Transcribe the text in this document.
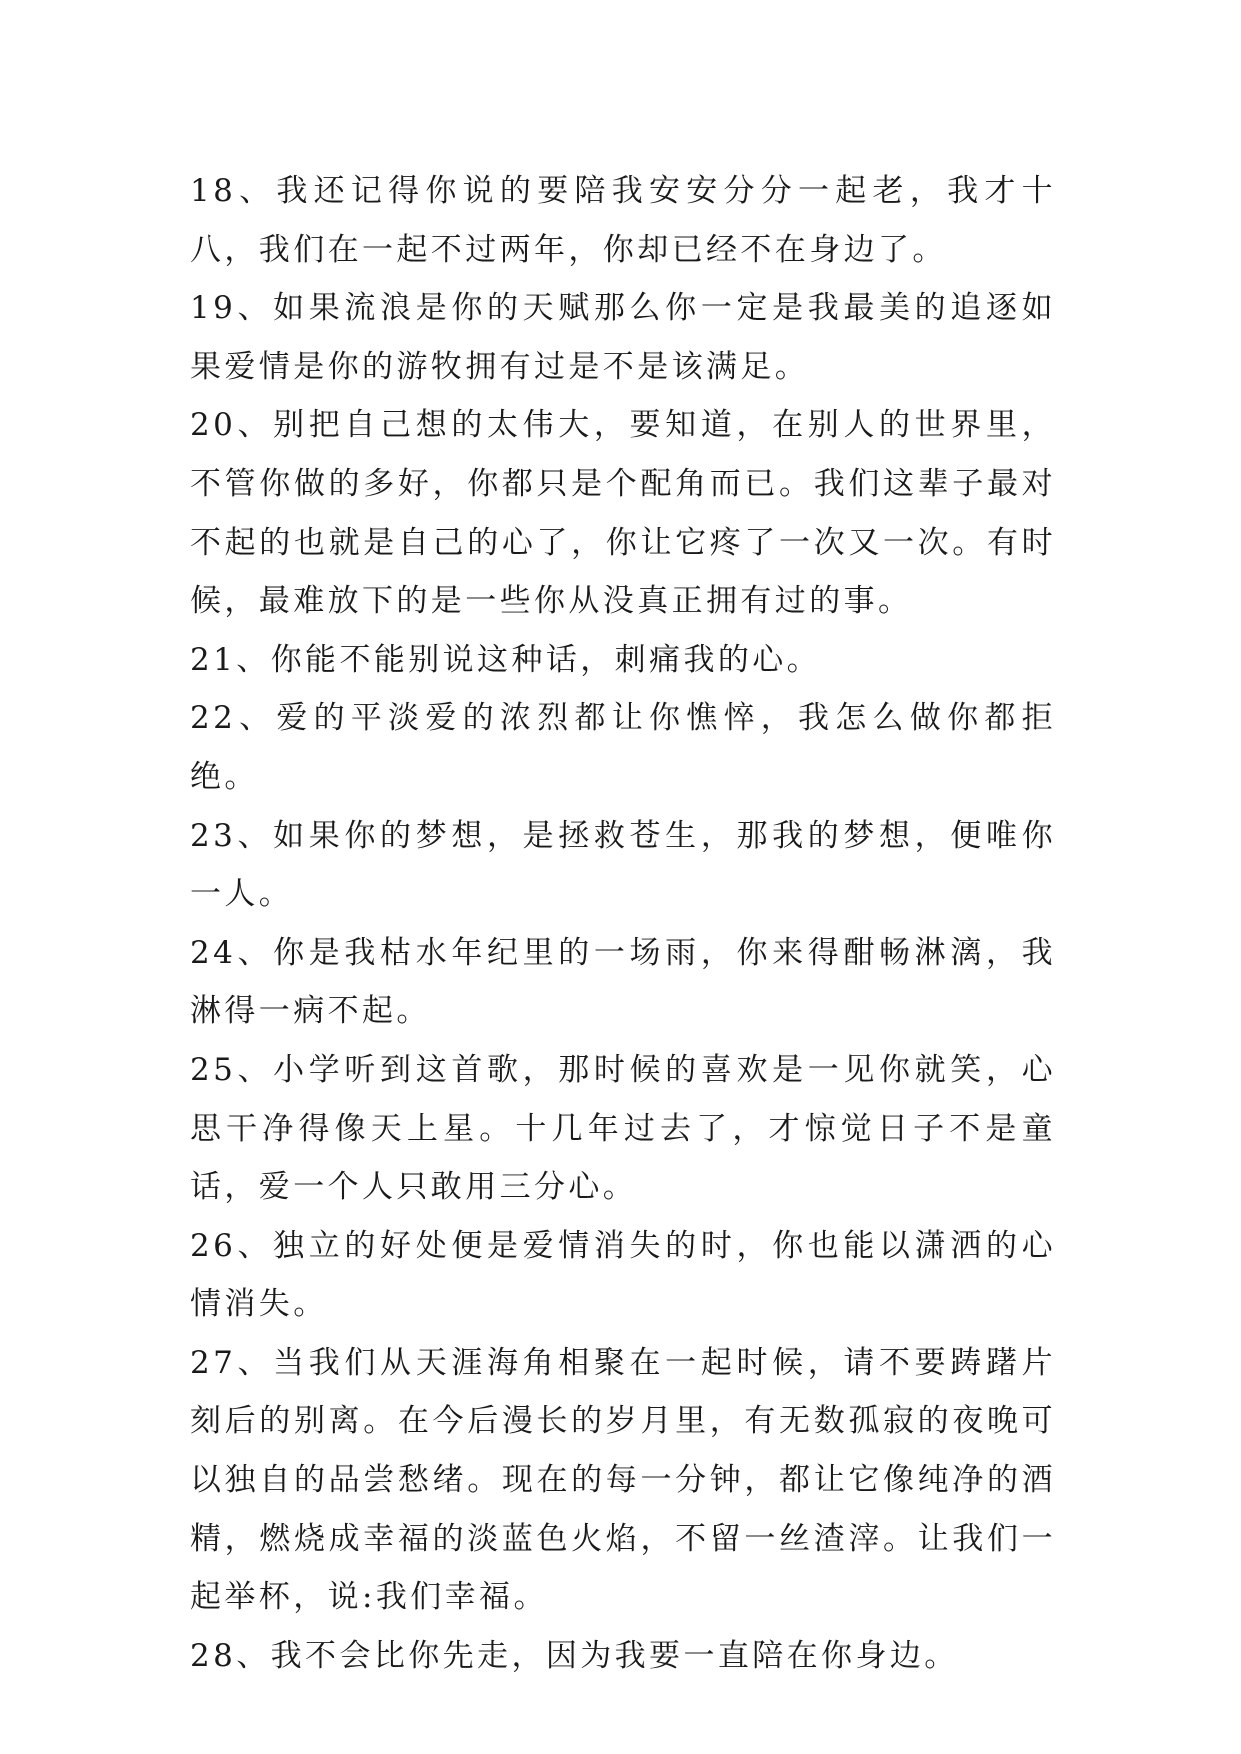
18、我还记得你说的要陪我安安分分一起老，我才十八，我们在一起不过两年，你却已经不在身边了。

19、如果流浪是你的天赋那么你一定是我最美的追逐如果爱情是你的游牧拥有过是不是该满足。

20、别把自己想的太伟大，要知道，在别人的世界里，不管你做的多好，你都只是个配角而已。我们这辈子最对不起的也就是自己的心了，你让它疼了一次又一次。有时候，最难放下的是一些你从没真正拥有过的事。

21、你能不能别说这种话，刺痛我的心。

22、爱的平淡爱的浓烈都让你憔悴，我怎么做你都拒绝。

23、如果你的梦想，是拯救苍生，那我的梦想，便唯你一人。

24、你是我枯水年纪里的一场雨，你来得酣畅淋漓，我淋得一病不起。

25、小学听到这首歌，那时候的喜欢是一见你就笑，心思干净得像天上星。十几年过去了，才惊觉日子不是童话，爱一个人只敢用三分心。

26、独立的好处便是爱情消失的时，你也能以潇洒的心情消失。

27、当我们从天涯海角相聚在一起时候，请不要踌躇片刻后的别离。在今后漫长的岁月里，有无数孤寂的夜晚可以独自的品尝愁绪。现在的每一分钟，都让它像纯净的酒精，燃烧成幸福的淡蓝色火焰，不留一丝渣滓。让我们一起举杯，说:我们幸福。

28、我不会比你先走，因为我要一直陪在你身边。
